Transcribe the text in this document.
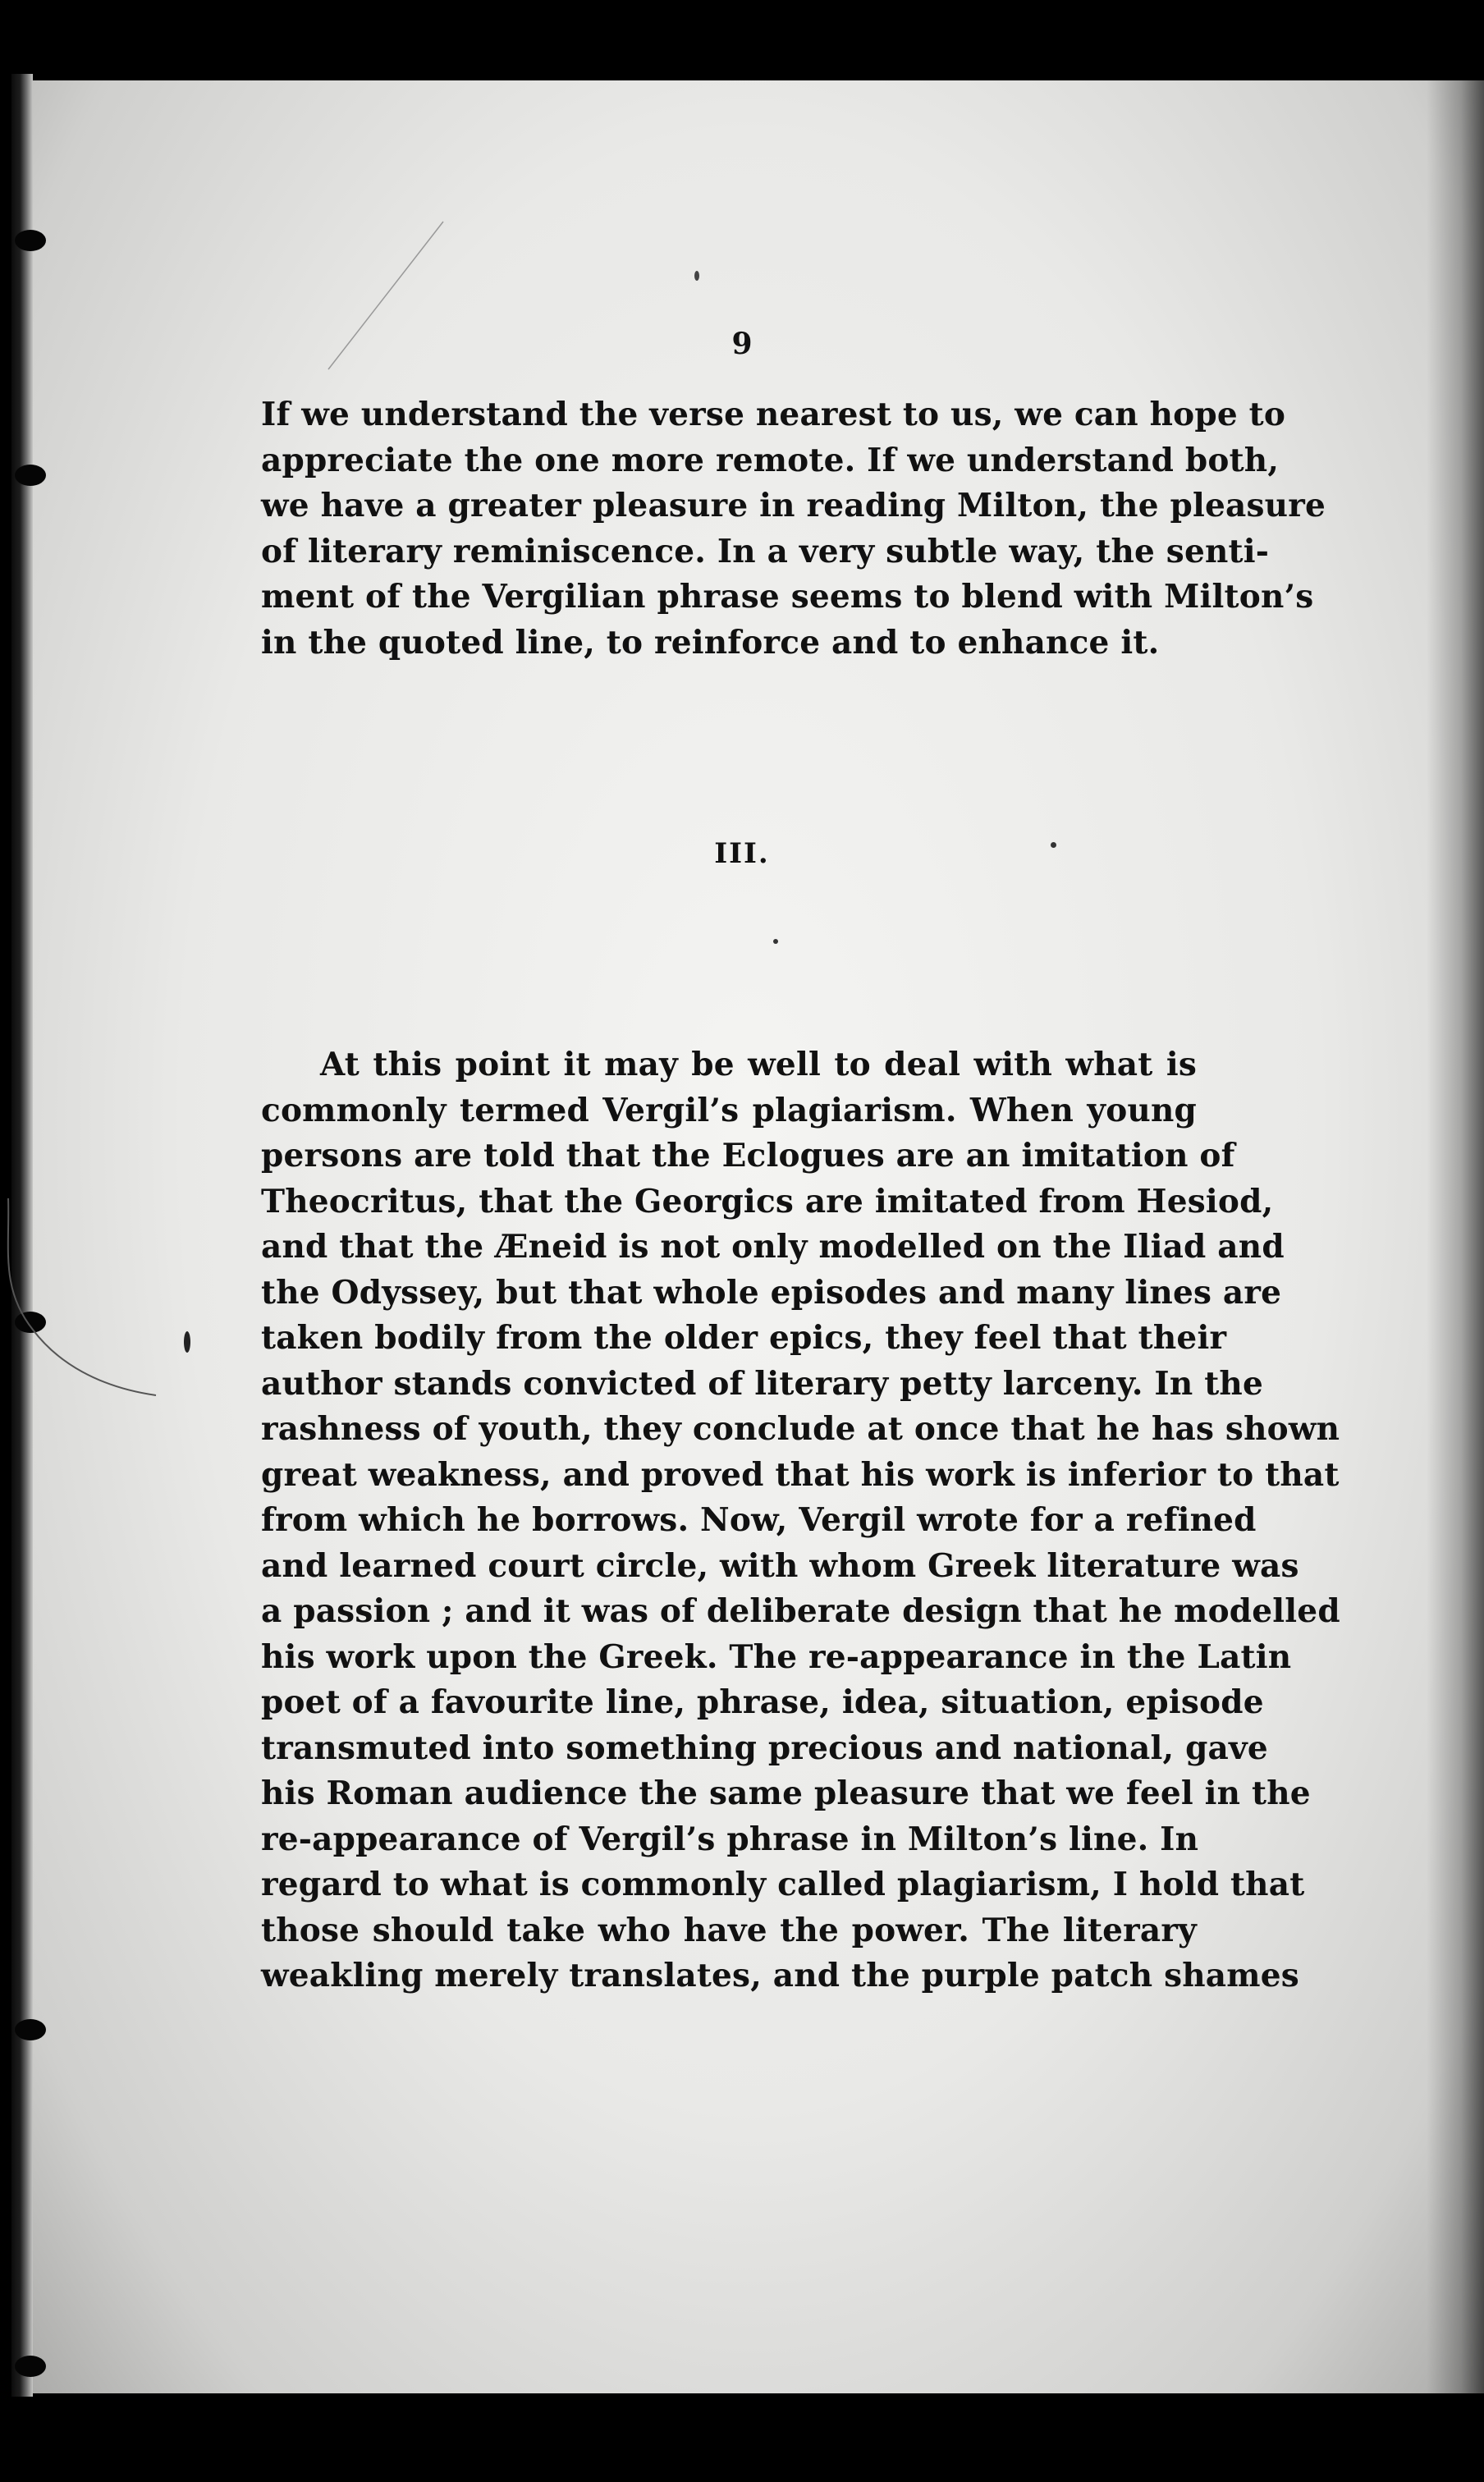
9
If we understand the verse nearest to us, we can hope to
appreciate the one more remote. If we understand both,
we have a greater pleasure in reading Milton, the pleasure
of literary reminiscence. In a very subtle way, the senti-
ment of the Vergilian phrase seems to blend with Milton’s
in the quoted line, to reinforce and to enhance it.
III.
At this point it may be well to deal with what is
commonly termed Vergil’s plagiarism. When young
persons are told that the Eclogues are an imitation of
Theocritus, that the Georgics are imitated from Hesiod,
and that the Æneid is not only modelled on the Iliad and
the Odyssey, but that whole episodes and many lines are
taken bodily from the older epics, they feel that their
author stands convicted of literary petty larceny. In the
rashness of youth, they conclude at once that he has shown
great weakness, and proved that his work is inferior to that
from which he borrows. Now, Vergil wrote for a refined
and learned court circle, with whom Greek literature was
a passion ; and it was of deliberate design that he modelled
his work upon the Greek. The re-appearance in the Latin
poet of a favourite line, phrase, idea, situation, episode
transmuted into something precious and national, gave
his Roman audience the same pleasure that we feel in the
re-appearance of Vergil’s phrase in Milton’s line. In
regard to what is commonly called plagiarism, I hold that
those should take who have the power. The literary
weakling merely translates, and the purple patch shames
